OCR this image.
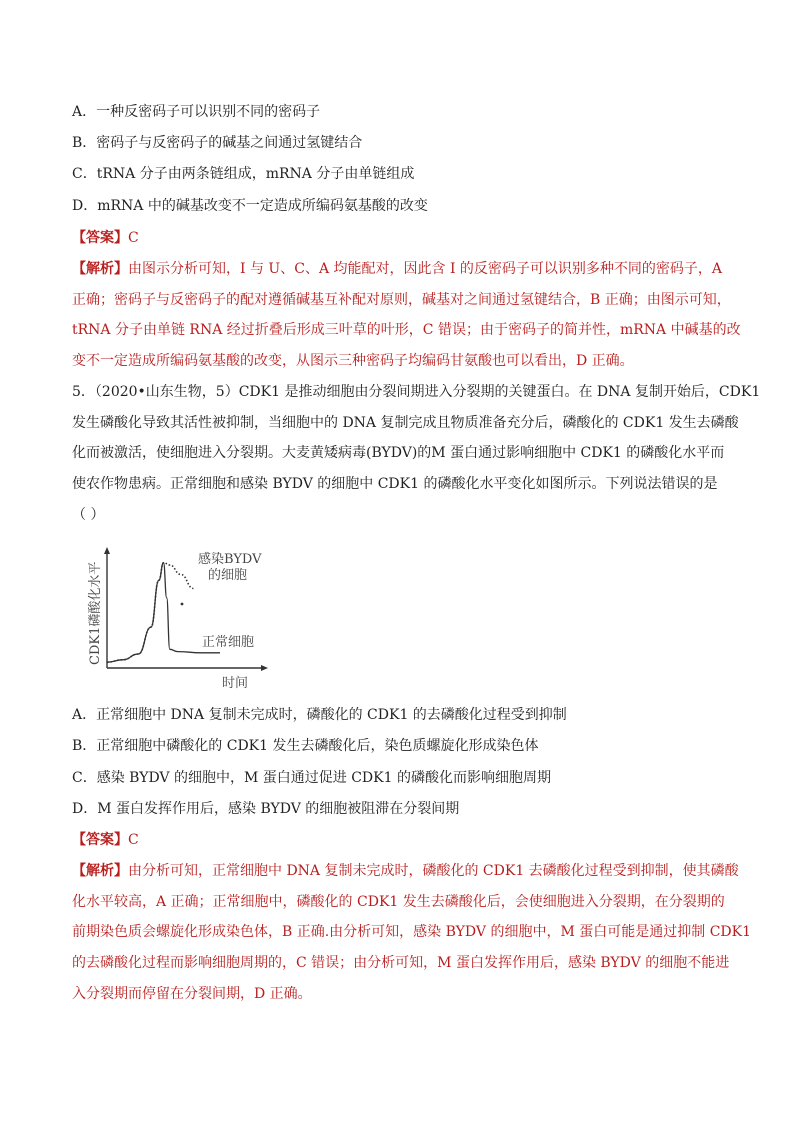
A．一种反密码子可以识别不同的密码子
B．密码子与反密码子的碱基之间通过氢键结合
C．tRNA 分子由两条链组成，mRNA 分子由单链组成
D．mRNA 中的碱基改变不一定造成所编码氨基酸的改变
【答案】C
【解析】由图示分析可知，I 与 U、C、A 均能配对，因此含 I 的反密码子可以识别多种不同的密码子，A
正确；密码子与反密码子的配对遵循碱基互补配对原则，碱基对之间通过氢键结合，B 正确；由图示可知，
tRNA 分子由单链 RNA 经过折叠后形成三叶草的叶形，C 错误；由于密码子的简并性，mRNA 中碱基的改
变不一定造成所编码氨基酸的改变，从图示三种密码子均编码甘氨酸也可以看出，D 正确。
5．（2020•山东生物，5）CDK1 是推动细胞由分裂间期进入分裂期的关键蛋白。在 DNA 复制开始后，CDK1
发生磷酸化导致其活性被抑制，当细胞中的 DNA 复制完成且物质准备充分后，磷酸化的 CDK1 发生去磷酸
化而被激活，使细胞进入分裂期。大麦黄矮病毒(BYDV)的M 蛋白通过影响细胞中 CDK1 的磷酸化水平而
使农作物患病。正常细胞和感染 BYDV 的细胞中 CDK1 的磷酸化水平变化如图所示。下列说法错误的是
（ ）
CDK1磷酸化水平
时间
感染BYDV
的细胞
正常细胞
A．正常细胞中 DNA 复制未完成时，磷酸化的 CDK1 的去磷酸化过程受到抑制
B．正常细胞中磷酸化的 CDK1 发生去磷酸化后，染色质螺旋化形成染色体
C．感染 BYDV 的细胞中，M 蛋白通过促进 CDK1 的磷酸化而影响细胞周期
D．M 蛋白发挥作用后，感染 BYDV 的细胞被阻滞在分裂间期
【答案】C
【解析】由分析可知，正常细胞中 DNA 复制未完成时，磷酸化的 CDK1 去磷酸化过程受到抑制，使其磷酸
化水平较高，A 正确；正常细胞中，磷酸化的 CDK1 发生去磷酸化后，会使细胞进入分裂期，在分裂期的
前期染色质会螺旋化形成染色体，B 正确.由分析可知，感染 BYDV 的细胞中，M 蛋白可能是通过抑制 CDK1
的去磷酸化过程而影响细胞周期的，C 错误；由分析可知，M 蛋白发挥作用后，感染 BYDV 的细胞不能进
入分裂期而停留在分裂间期，D 正确。
